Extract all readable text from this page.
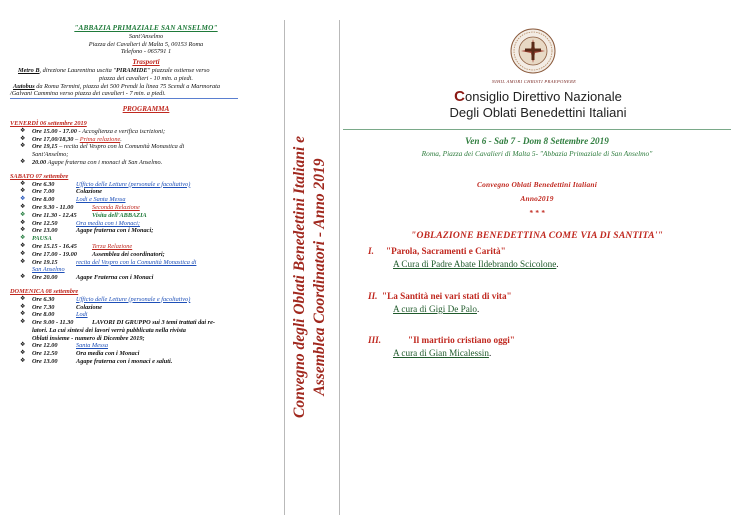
"ABBAZIA PRIMAZIALE SAN ANSELMO"
Sant'Anselmo
Piazza dei Cavalieri di Malta 5, 00153 Roma
Telefono - 065791 1
Trasporti
Metro B, direzione Laurentina uscita "PIRAMIDE" piazzale ostiense verso
piazza dei cavalieri - 10 min. a piedi.
Autobus da Roma Termini, piazza dei 500 Prendi la linea 75 Scendi a Marmorata
/Galvani Cammina verso piazza dei cavalieri - 7 min. a piedi.
PROGRAMMA
VENERDÌ 06 settembre 2019
❖ Ore 15.00 - 17.00 - Accoglienza e verifica iscrizioni;
❖ Ore 17,00/18,30 – Prima relazione.
❖ Ore 19,15 – recita del Vespro con la Comunità Monastica di
Sant'Anselmo;
❖ 20.00 Agape fraterna con i monaci di San Anselmo.
SABATO 07 settembre
❖ Ore 6.30	Ufficio delle Letture (personale e facoltativo)
❖ Ore 7.00	Colazione
❖ Ore 8.00	Lodi e Santa Messa
❖ Ore 9.30 - 11.00	Seconda Relazione
❖ Ore 11.30 - 12.45 Visita dell'ABBAZIA
❖ Ore 12.50	Ora media con i Monaci;
❖ Ore 13.00	Agape fraterna con i Monaci;
❖ PAUSA
❖ Ore 15.15 - 16.45 Terza Relazione
❖ Ore 17.00 - 19.00 Assemblea dei coordinatori;
❖ Ore 19.15	recita del Vespro con la Comunità Monastica di
San Anselmo
❖ Ore 20.00	Agape Fraterna con i Monaci
DOMENICA 08 settembre
❖ Ore 6.30	Ufficio delle Letture (personale e facoltativo)
❖ Ore 7.30	Colazione
❖ Ore 8.00	Lodi
❖ Ore 9.00 - 11.30	LAVORI DI GRUPPO sui 3 temi trattati dai re-
latori. La cui sintesi dei lavori verrà pubblicata nella rivista
Oblati insieme - numero di Dicembre 2019;
❖ Ore 12.00	Santa Messa
❖ Ore 12.50	Ora media con i Monaci
❖ Ore 13.00	Agape fraterna con i monaci e saluti.	Convegno degli Oblati Benedettini Italiani e Assemblea Coordinatori - Anno 2019
NIHIL AMORI CHRISTI PRAEPONERE
Consiglio Direttivo Nazionale
Degli Oblati Benedettini Italiani
Ven 6 - Sab 7 - Dom 8 Settembre 2019
Roma, Piazza dei Cavalieri di Malta 5- "Abbazia Primaziale di San Anselmo"
Convegno Oblati Benedettini Italiani
Anno2019
* * *
"OBLAZIONE BENEDETTINA COME VIA DI SANTITA'"
I. "Parola, Sacramenti e Carità"
A Cura di Padre Abate Ildebrando Scicolone.
II. "La Santità nei vari stati di vita"
A cura di Gigi De Palo.
III.	"Il martirio cristiano oggi"
A cura di Gian Micalessin.
